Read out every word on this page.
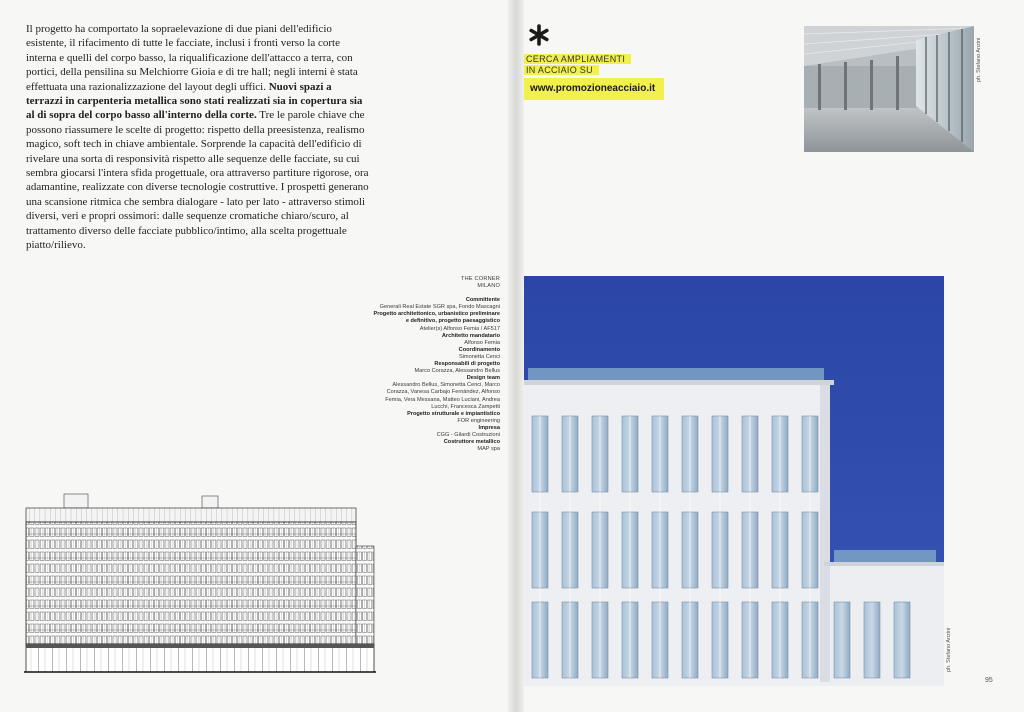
Il progetto ha comportato la sopraelevazione di due piani dell'edificio esistente, il rifacimento di tutte le facciate, inclusi i fronti verso la corte interna e quelli del corpo basso, la riqualificazione dell'attacco a terra, con portici, della pensilina su Melchiorre Gioia e di tre hall; negli interni è stata effettuata una razionalizzazione del layout degli uffici. Nuovi spazi a terrazzi in carpenteria metallica sono stati realizzati sia in copertura sia al di sopra del corpo basso all'interno della corte. Tre le parole chiave che possono riassumere le scelte di progetto: rispetto della preesistenza, realismo magico, soft tech in chiave ambientale. Sorprende la capacità dell'edificio di rivelare una sorta di responsività rispetto alle sequenze delle facciate, su cui sembra giocarsi l'intera sfida progettuale, ora attraverso partiture rigorose, ora adamantine, realizzate con diverse tecnologie costruttive. I prospetti generano una scansione ritmica che sembra dialogare - lato per lato - attraverso stimoli diversi, veri e propri ossimori: dalle sequenze cromatiche chiaro/scuro, al trattamento diverso delle facciate pubblico/intimo, alla scelta progettuale piatto/rilievo.

THE CORNER
MILANO
Committente
Generali Real Estate SGR spa, Fondo Mascagni
Progetto architettonico, urbanistico preliminare e definitivo, progetto paesaggistico
Atelier(s) Alfonso Femia / AF517
Architetto mandatario
Alfonso Femia
Coordinamento
Simonetta Cenci
Responsabili di progetto
Marco Corazza, Alessandro Bellus
Design team
Alessandro Bellus, Simonetta Cenci, Marco Corazza, Vanesa Carbajo Fernández, Alfonso Femia, Vera Messana, Matteo Luciani, Andrea Lucchi, Francesca Zampetti
Progetto strutturale e impiantistico
FOR engineering
Impresa
CGG - Gilardi Costruzioni
Costruttore metallico
MAP spa
CERCA AMPLIAMENTI
IN ACCIAIO SU
www.promozioneacciaio.it
ph. Stefano Anzini
ph. Stefano Anzini
95
